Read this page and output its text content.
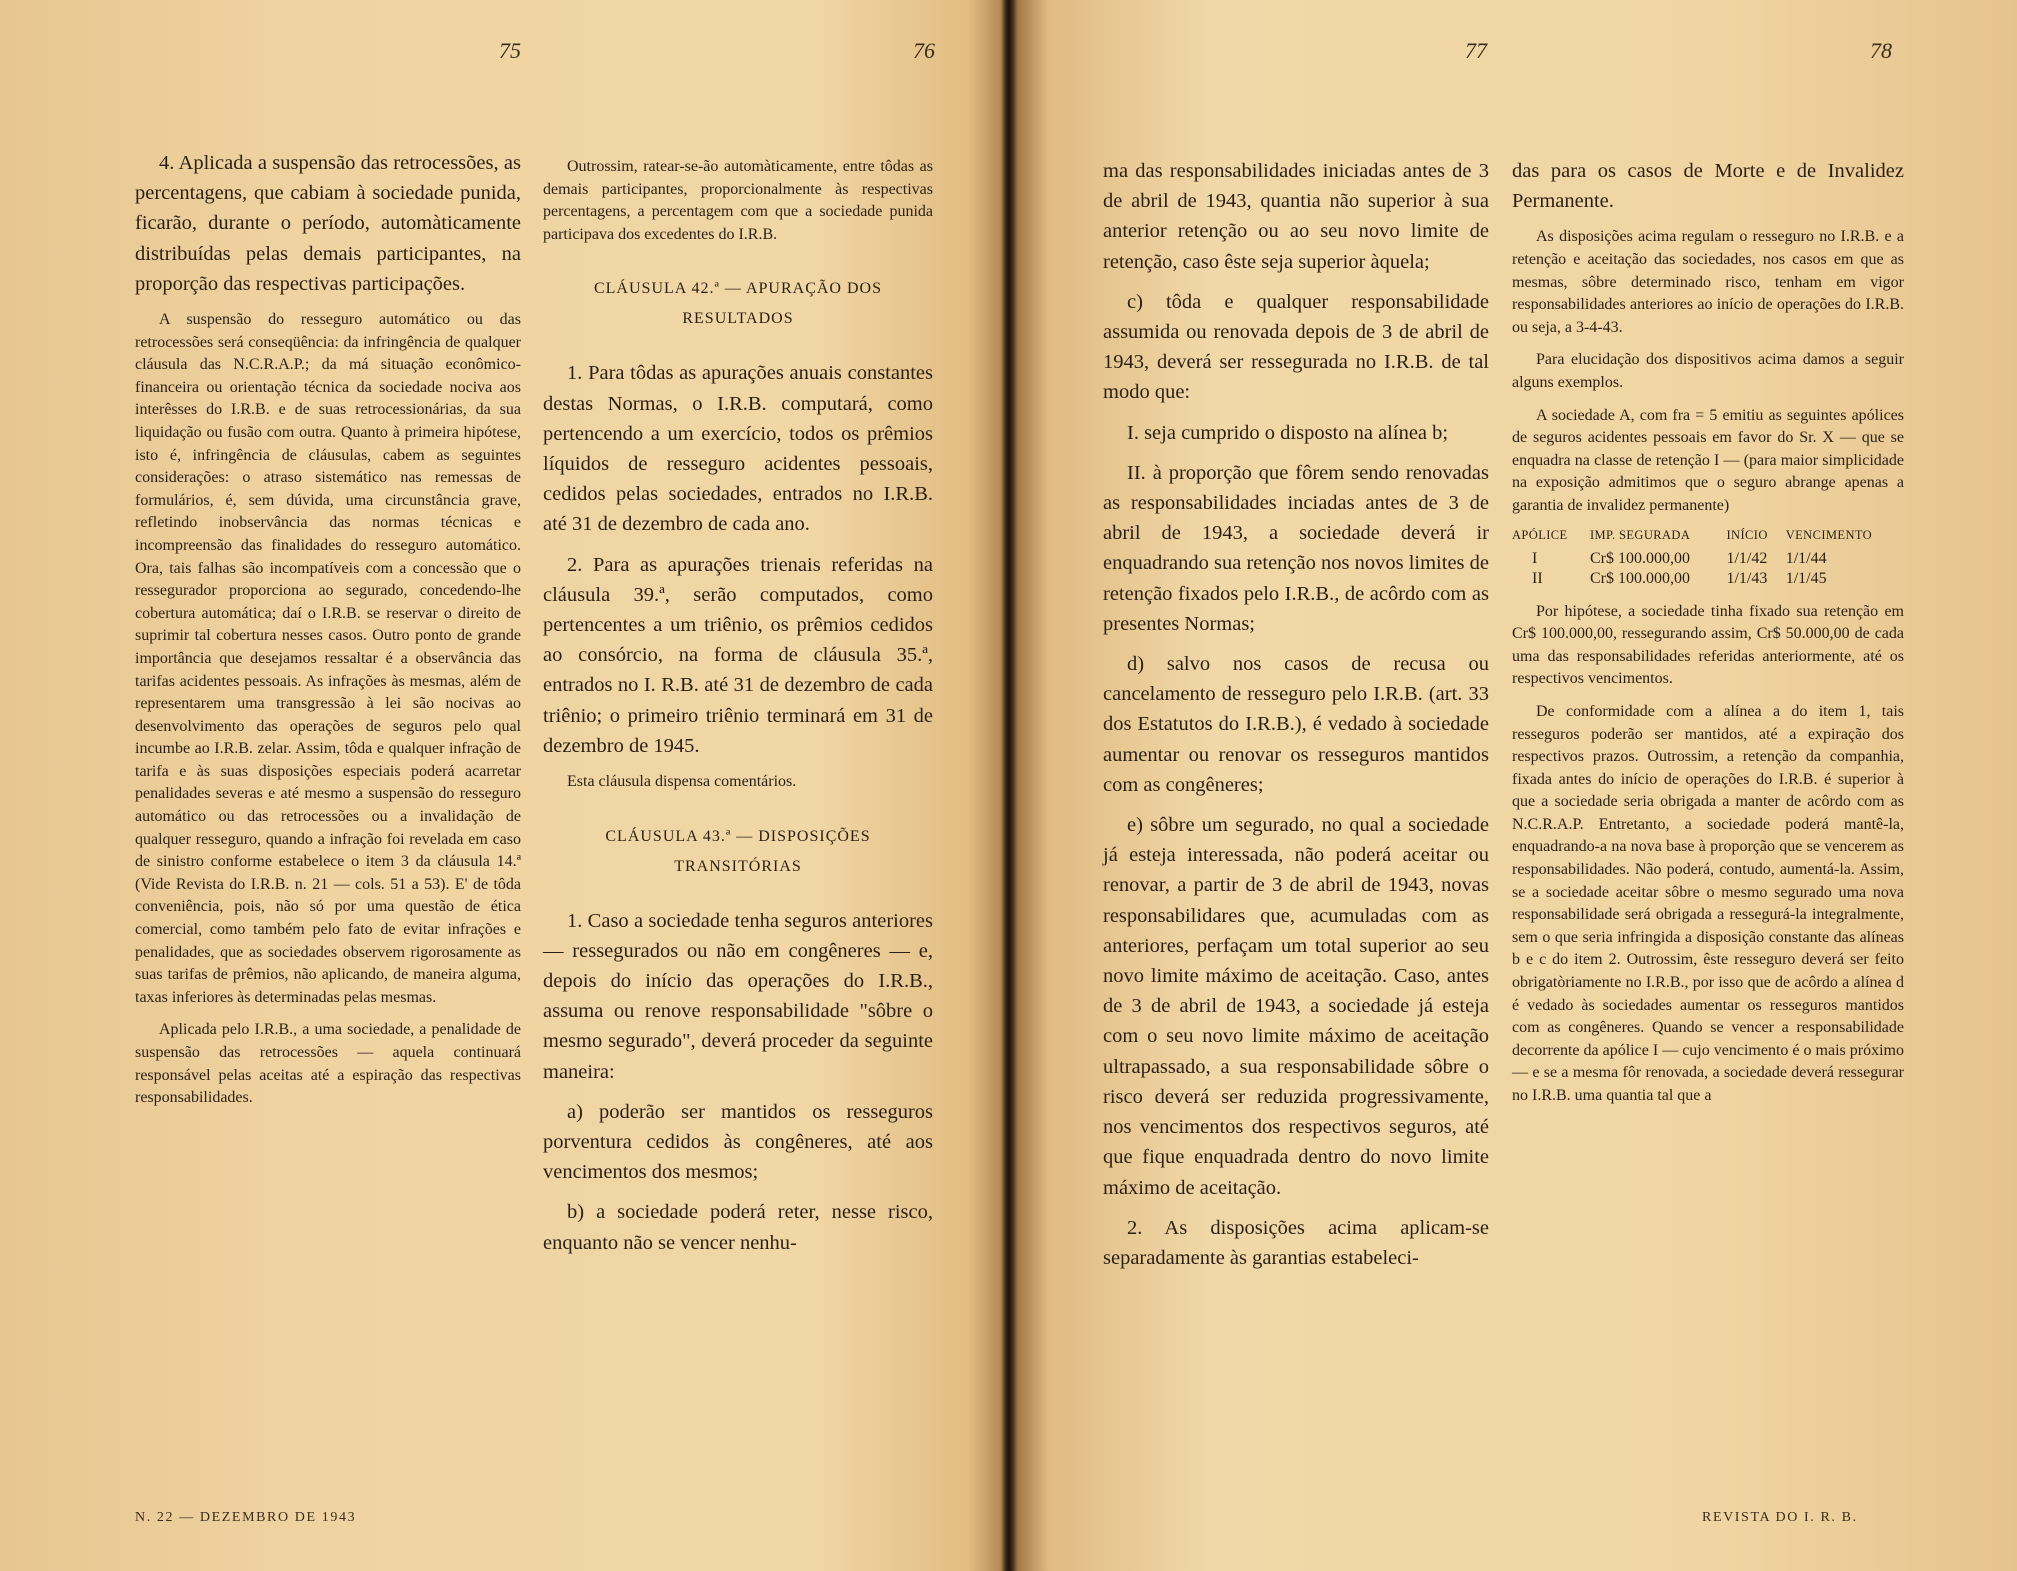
75	76	77	78

4. Aplicada a suspensão das retrocessões, as percentagens, que cabiam à sociedade punida, ficarão, durante o período, automàticamente distribuídas pelas demais participantes, na proporção das respectivas participações.

A suspensão do resseguro automático ou das retrocessões será conseqüência: da infringência de qualquer cláusula das N.C.R.A.P.; da má situação econômico-financeira ou orientação técnica da sociedade nociva aos interêsses do I.R.B. e de suas retrocessionárias, da sua liquidação ou fusão com outra. Quanto à primeira hipótese, isto é, infringência de cláusulas, cabem as seguintes considerações: o atraso sistemático nas remessas de formulários, é, sem dúvida, uma circunstância grave, refletindo inobservância das normas técnicas e incompreensão das finalidades do resseguro automático. Ora, tais falhas são incompatíveis com a concessão que o ressegurador proporciona ao segurado, concedendo-lhe cobertura automática; daí o I.R.B. se reservar o direito de suprimir tal cobertura nesses casos. Outro ponto de grande importância que desejamos ressaltar é a observância das tarifas acidentes pessoais. As infrações às mesmas, além de representarem uma transgressão à lei são nocivas ao desenvolvimento das operações de seguros pelo qual incumbe ao I.R.B. zelar. Assim, tôda e qualquer infração de tarifa e às suas disposições especiais poderá acarretar penalidades severas e até mesmo a suspensão do resseguro automático ou das retrocessões ou a invalidação de qualquer resseguro, quando a infração foi revelada em caso de sinistro conforme estabelece o item 3 da cláusula 14.ª (Vide Revista do I.R.B. n. 21 — cols. 51 a 53). E' de tôda conveniência, pois, não só por uma questão de ética comercial, como também pelo fato de evitar infrações e penalidades, que as sociedades observem rigorosamente as suas tarifas de prêmios, não aplicando, de maneira alguma, taxas inferiores às determinadas pelas mesmas.

Aplicada pelo I.R.B., a uma sociedade, a penalidade de suspensão das retrocessões — aquela continuará responsável pelas aceitas até a espiração das respectivas responsabilidades.

Outrossim, ratear-se-ão automàticamente, entre tôdas as demais participantes, proporcionalmente às respectivas percentagens, a percentagem com que a sociedade punida participava dos excedentes do I.R.B.

CLÁUSULA 42.ª — APURAÇÃO DOS
RESULTADOS

1. Para tôdas as apurações anuais constantes destas Normas, o I.R.B. computará, como pertencendo a um exercício, todos os prêmios líquidos de resseguro acidentes pessoais, cedidos pelas sociedades, entrados no I.R.B. até 31 de dezembro de cada ano.

2. Para as apurações trienais referidas na cláusula 39.ª, serão computados, como pertencentes a um triênio, os prêmios cedidos ao consórcio, na forma de cláusula 35.ª, entrados no I. R.B. até 31 de dezembro de cada triênio; o primeiro triênio terminará em 31 de dezembro de 1945.

Esta cláusula dispensa comentários.

CLÁUSULA 43.ª — DISPOSIÇÕES
TRANSITÓRIAS

1. Caso a sociedade tenha seguros anteriores — ressegurados ou não em congêneres — e, depois do início das operações do I.R.B., assuma ou renove responsabilidade "sôbre o mesmo segurado", deverá proceder da seguinte maneira:

a) poderão ser mantidos os resseguros porventura cedidos às congêneres, até aos vencimentos dos mesmos;

b) a sociedade poderá reter, nesse risco, enquanto não se vencer nenhu-

ma das responsabilidades iniciadas antes de 3 de abril de 1943, quantia não superior à sua anterior retenção ou ao seu novo limite de retenção, caso êste seja superior àquela;

c) tôda e qualquer responsabilidade assumida ou renovada depois de 3 de abril de 1943, deverá ser ressegurada no I.R.B. de tal modo que:

I. seja cumprido o disposto na alínea b;

II. à proporção que fôrem sendo renovadas as responsabilidades inciadas antes de 3 de abril de 1943, a sociedade deverá ir enquadrando sua retenção nos novos limites de retenção fixados pelo I.R.B., de acôrdo com as presentes Normas;

d) salvo nos casos de recusa ou cancelamento de resseguro pelo I.R.B. (art. 33 dos Estatutos do I.R.B.), é vedado à sociedade aumentar ou renovar os resseguros mantidos com as congêneres;

e) sôbre um segurado, no qual a sociedade já esteja interessada, não poderá aceitar ou renovar, a partir de 3 de abril de 1943, novas responsabilidares que, acumuladas com as anteriores, perfaçam um total superior ao seu novo limite máximo de aceitação. Caso, antes de 3 de abril de 1943, a sociedade já esteja com o seu novo limite máximo de aceitação ultrapassado, a sua responsabilidade sôbre o risco deverá ser reduzida progressivamente, nos vencimentos dos respectivos seguros, até que fique enquadrada dentro do novo limite máximo de aceitação.

2. As disposições acima aplicam-se separadamente às garantias estabeleci-

das para os casos de Morte e de Invalidez Permanente.

As disposições acima regulam o resseguro no I.R.B. e a retenção e aceitação das sociedades, nos casos em que as mesmas, sôbre determinado risco, tenham em vigor responsabilidades anteriores ao início de operações do I.R.B. ou seja, a 3-4-43.

Para elucidação dos dispositivos acima damos a seguir alguns exemplos.

A sociedade A, com fra = 5 emitiu as seguintes apólices de seguros acidentes pessoais em favor do Sr. X — que se enquadra na classe de retenção I — (para maior simplicidade na exposição admitimos que o seguro abrange apenas a garantia de invalidez permanente)

APÓLICE	IMP. SEGURADA	INÍCIO	VENCIMENTO
I	Cr$ 100.000,00	1/1/42	1/1/44
II	Cr$ 100.000,00	1/1/43	1/1/45

Por hipótese, a sociedade tinha fixado sua retenção em Cr$ 100.000,00, ressegurando assim, Cr$ 50.000,00 de cada uma das responsabilidades referidas anteriormente, até os respectivos vencimentos.

De conformidade com a alínea a do item 1, tais resseguros poderão ser mantidos, até a expiração dos respectivos prazos. Outrossim, a retenção da companhia, fixada antes do início de operações do I.R.B. é superior à que a sociedade seria obrigada a manter de acôrdo com as N.C.R.A.P. Entretanto, a sociedade poderá mantê-la, enquadrando-a na nova base à proporção que se vencerem as responsabilidades. Não poderá, contudo, aumentá-la. Assim, se a sociedade aceitar sôbre o mesmo segurado uma nova responsabilidade será obrigada a ressegurá-la integralmente, sem o que seria infringida a disposição constante das alíneas b e c do item 2. Outrossim, êste resseguro deverá ser feito obrigatòriamente no I.R.B., por isso que de acôrdo a alínea d é vedado às sociedades aumentar os resseguros mantidos com as congêneres. Quando se vencer a responsabilidade decorrente da apólice I — cujo vencimento é o mais próximo — e se a mesma fôr renovada, a sociedade deverá ressegurar no I.R.B. uma quantia tal que a

N. 22 — DEZEMBRO DE 1943	REVISTA DO I. R. B.
